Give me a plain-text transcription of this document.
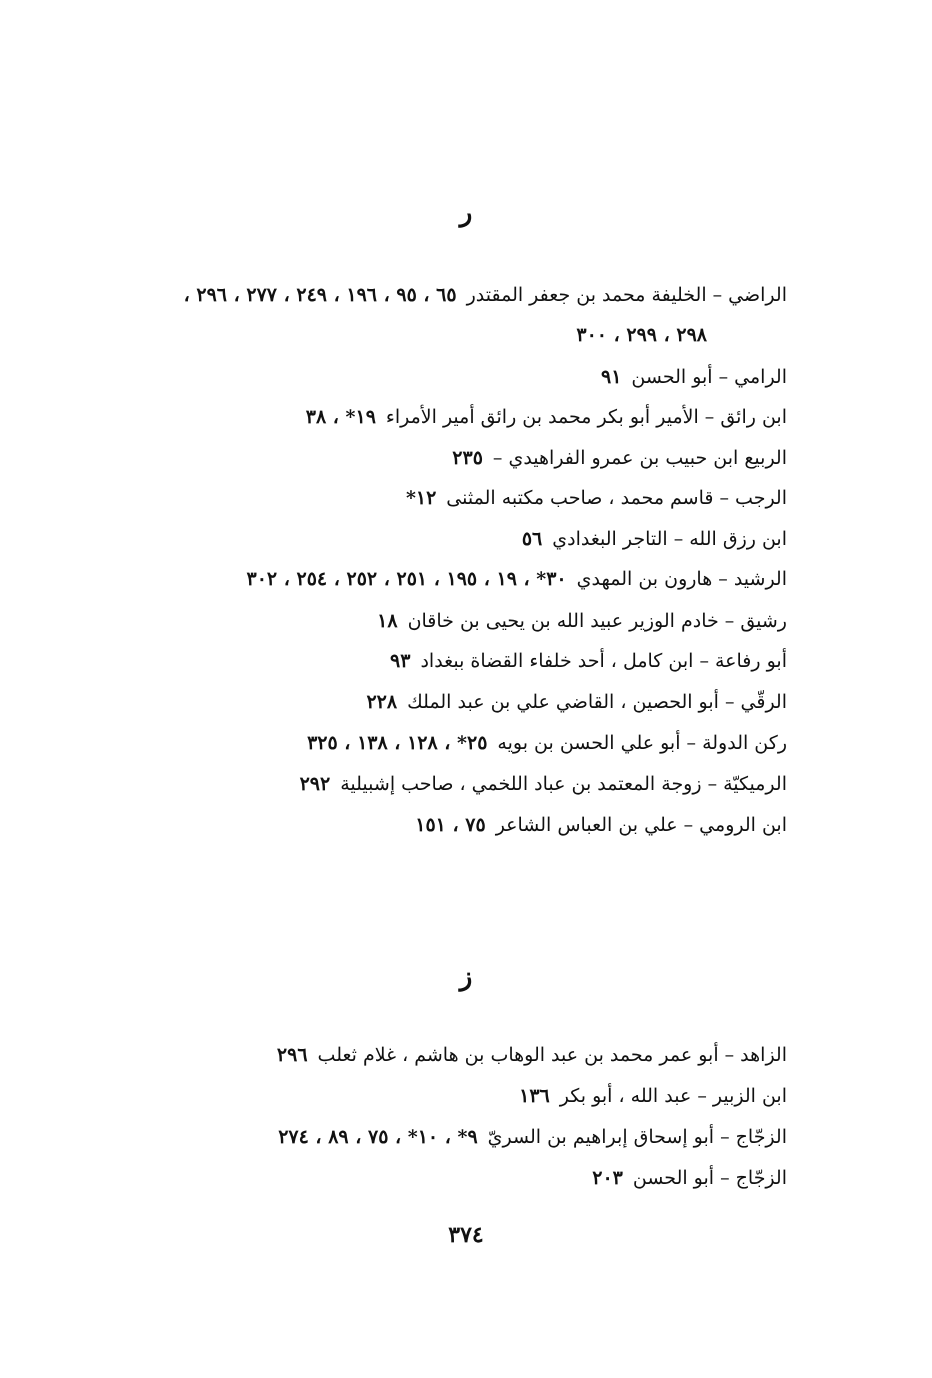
ر
الراضي – الخليفة محمد بن جعفر المقتدر٦٥ ، ٩٥ ، ١٩٦ ، ٢٤٩ ، ٢٧٧ ، ٢٩٦ ،
٢٩٨ ، ٢٩٩ ، ٣٠٠
الرامي – أبو الحسن٩١
ابن رائق – الأمير أبو بكر محمد بن رائق أمير الأمراء١٩* ، ٣٨
الربيع ابن حبيب بن عمرو الفراهيدي –٢٣٥
الرجب – قاسم محمد ، صاحب مكتبه المثنى١٢*
ابن رزق الله – التاجر البغدادي٥٦
الرشيد – هارون بن المهدي٣٠* ، ١٩ ، ١٩٥ ، ٢٥١ ، ٢٥٢ ، ٢٥٤ ، ٣٠٢
رشيق – خادم الوزير عبيد الله بن يحيى بن خاقان١٨
أبو رفاعة – ابن كامل ، أحد خلفاء القضاة ببغداد٩٣
الرقّي – أبو الحصين ، القاضي علي بن عبد الملك٢٢٨
ركن الدولة – أبو علي الحسن بن بويه٢٥* ، ١٢٨ ، ١٣٨ ، ٣٢٥
الرميكيّة – زوجة المعتمد بن عباد اللخمي ، صاحب إشبيلية٢٩٢
ابن الرومي – علي بن العباس الشاعر٧٥ ، ١٥١
ز
الزاهد – أبو عمر محمد بن عبد الوهاب بن هاشم ، غلام ثعلب٢٩٦
ابن الزبير – عبد الله ، أبو بكر١٣٦
الزجّاج – أبو إسحاق إبراهيم بن السريّ٩* ، ١٠* ، ٧٥ ، ٨٩ ، ٢٧٤
الزجّاج – أبو الحسن٢٠٣
٣٧٤
